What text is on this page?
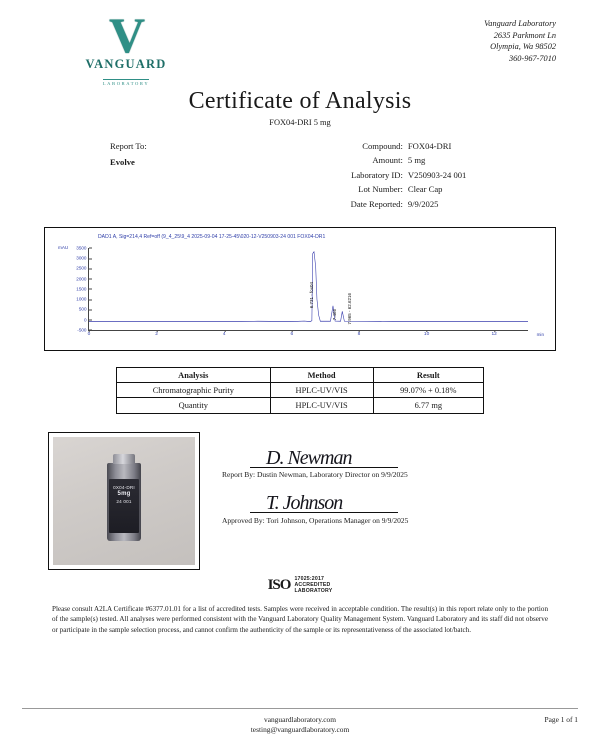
V
VANGUARD
LABORATORY
Vanguard Laboratory
2635 Parkmont Ln
Olympia, Wa 98502
360-967-7010
Certificate of Analysis
FOX04-DRI 5 mg
Report To:
Evolve
Compound: FOX04-DRI
Amount: 5 mg
Laboratory ID: V250903-24 001
Lot Number: Clear Cap
Date Reported: 9/9/2025
DAD1 A, Sig=214,4 Ref=off (9_4_25\9_4 2025-09-04 17-25-45\020-12-V250903-24 001 FOX04-DR1
mAU 3500
3000
2500
2000
1500
1000
500
0
-500
0	2	4	6	8	10	12	min
6.731 - fox04
7.466 7.965 - 62.6216
Analysis	Method	Result
Chromatographic Purity	HPLC-UV/VIS	99.07% + 0.18%
Quantity	HPLC-UV/VIS	6.77 mg
0X04-DRI
5mg
24 001
D. Newman
Report By: Dustin Newman, Laboratory Director on 9/9/2025
T. Johnson
Approved By: Tori Johnson, Operations Manager on 9/9/2025
ISO 17025:2017
ACCREDITED
LABORATORY
Please consult A2LA Certificate #6377.01.01 for a list of accredited tests. Samples were received in acceptable condition. The result(s) in this report relate only to the portion of the sample(s) tested. All analyses were performed consistent with the Vanguard Laboratory Quality Management System. Vanguard Laboratory and its staff did not observe or participate in the sample selection process, and cannot confirm the authenticity of the sample or its representativeness of the associated lot/batch.
vanguardlaboratory.com
testing@vanguardlaboratory.com
Page 1 of 1
